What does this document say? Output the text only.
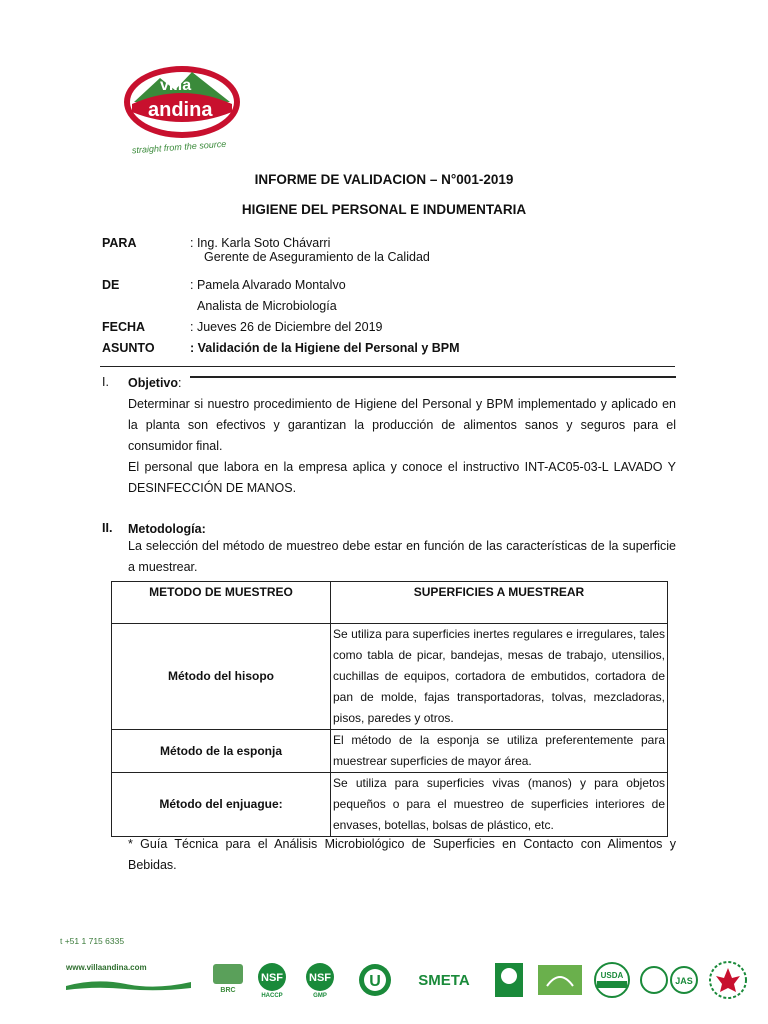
villa
andina
straight from the source
INFORME DE VALIDACION – N°001-2019
HIGIENE DEL PERSONAL E INDUMENTARIA
PARA	: Ing. Karla Soto Chávarri
Gerente de Aseguramiento de la Calidad
DE	: Pamela Alvarado Montalvo
Analista de Microbiología
FECHA	: Jueves 26 de Diciembre del 2019
ASUNTO	: Validación de la Higiene del Personal y BPM
I. Objetivo:
Determinar si nuestro procedimiento de Higiene del Personal y BPM implementado y aplicado en la planta son efectivos y garantizan la producción de alimentos sanos y seguros para el consumidor final.
El personal que labora en la empresa aplica y conoce el instructivo INT-AC05-03-L LAVADO Y DESINFECCIÓN DE MANOS.
II. Metodología:
La selección del método de muestreo debe estar en función de las características de la superficie a muestrear.
METODO DE MUESTREO	SUPERFICIES A MUESTREAR
Método del hisopo	Se utiliza para superficies inertes regulares e irregulares, tales como tabla de picar, bandejas, mesas de trabajo, utensilios, cuchillas de equipos, cortadora de embutidos, cortadora de pan de molde, fajas transportadoras, tolvas, mezcladoras, pisos, paredes y otros.
Método de la esponja	El método de la esponja se utiliza preferentemente para muestrear superficies de mayor área.
Método del enjuague:	Se utiliza para superficies vivas (manos) y para objetos pequeños o para el muestreo de superficies interiores de envases, botellas, bolsas de plástico, etc.
* Guía Técnica para el Análisis Microbiológico de Superficies en Contacto con Alimentos y Bebidas.
t +51 1 715 6335
www.villaandina.com
BRC
NSF
HACCP
NSF
GMP
U	SMETA	USDA
JAS
